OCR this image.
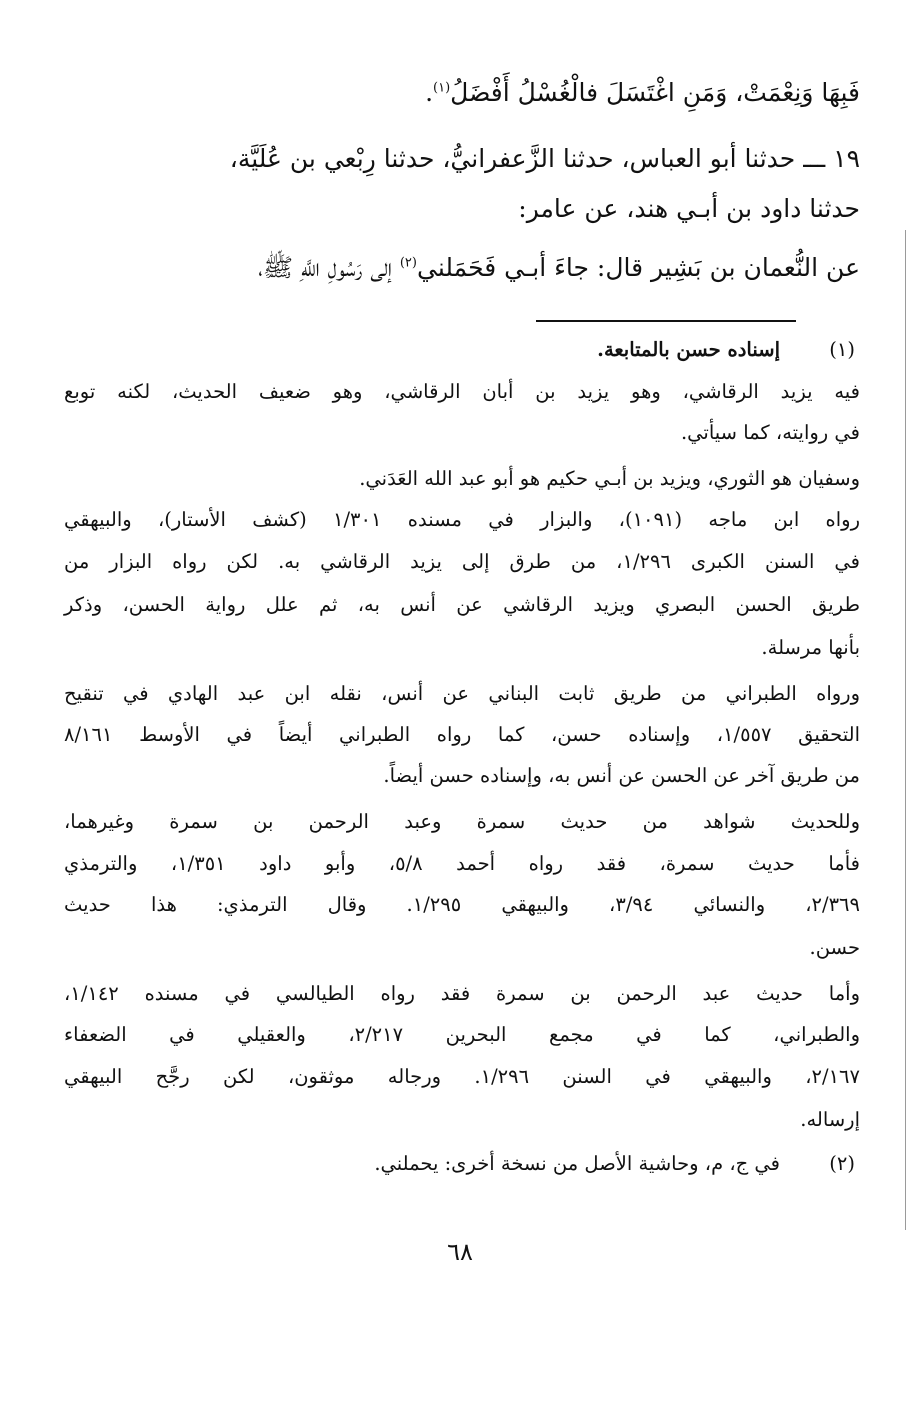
فَبِهَا وَنِعْمَتْ، وَمَنِ اغْتَسَلَ فالْغُسْلُ أَفْضَلُ$^{(١)}$.
١٩ ـــ حدثنا أبو العباس، حدثنا الزَّعفرانيُّ، حدثنا رِبْعي بن عُلَيَّة،
حدثنا داود بن أبـي هند، عن عامر:
عن النُّعمان بن بَشِير قال: جاءَ أبـي فَحَمَلني$^{(٢)}$ إلى رَسُولِ اللَّهِ ﷺ،
(١)
إسناده حسن بالمتابعة.
فيه يزيد الرقاشي، وهو يزيد بن أبان الرقاشي، وهو ضعيف الحديث، لكنه توبع
في روايته، كما سيأتي.
وسفيان هو الثوري، ويزيد بن أبـي حكيم هو أبو عبد الله العَدَني.
رواه ابن ماجه (١٠٩١)، والبزار في مسنده ١/٣٠١ (كشف الأستار)، والبيهقي
في السنن الكبرى ١/٢٩٦، من طرق إلى يزيد الرقاشي به. لكن رواه البزار من
طريق الحسن البصري ويزيد الرقاشي عن أنس به، ثم علل رواية الحسن، وذكر
بأنها مرسلة.
ورواه الطبراني من طريق ثابت البناني عن أنس، نقله ابن عبد الهادي في تنقيح
التحقيق ١/٥٥٧، وإسناده حسن، كما رواه الطبراني أيضاً في الأوسط ٨/١٦١
من طريق آخر عن الحسن عن أنس به، وإسناده حسن أيضاً.
وللحديث شواهد من حديث سمرة وعبد الرحمن بن سمرة وغيرهما،
فأما حديث سمرة، فقد رواه أحمد ٥/٨، وأبو داود ١/٣٥١، والترمذي
٢/٣٦٩، والنسائي ٣/٩٤، والبيهقي ١/٢٩٥. وقال الترمذي: هذا حديث
حسن.
وأما حديث عبد الرحمن بن سمرة فقد رواه الطيالسي في مسنده ١/١٤٢،
والطبراني، كما في مجمع البحرين ٢/٢١٧، والعقيلي في الضعفاء
٢/١٦٧، والبيهقي في السنن ١/٢٩٦. ورجاله موثقون، لكن رجَّح البيهقي
إرساله.
(٢)
في ج، م، وحاشية الأصل من نسخة أخرى: يحملني.
٦٨
